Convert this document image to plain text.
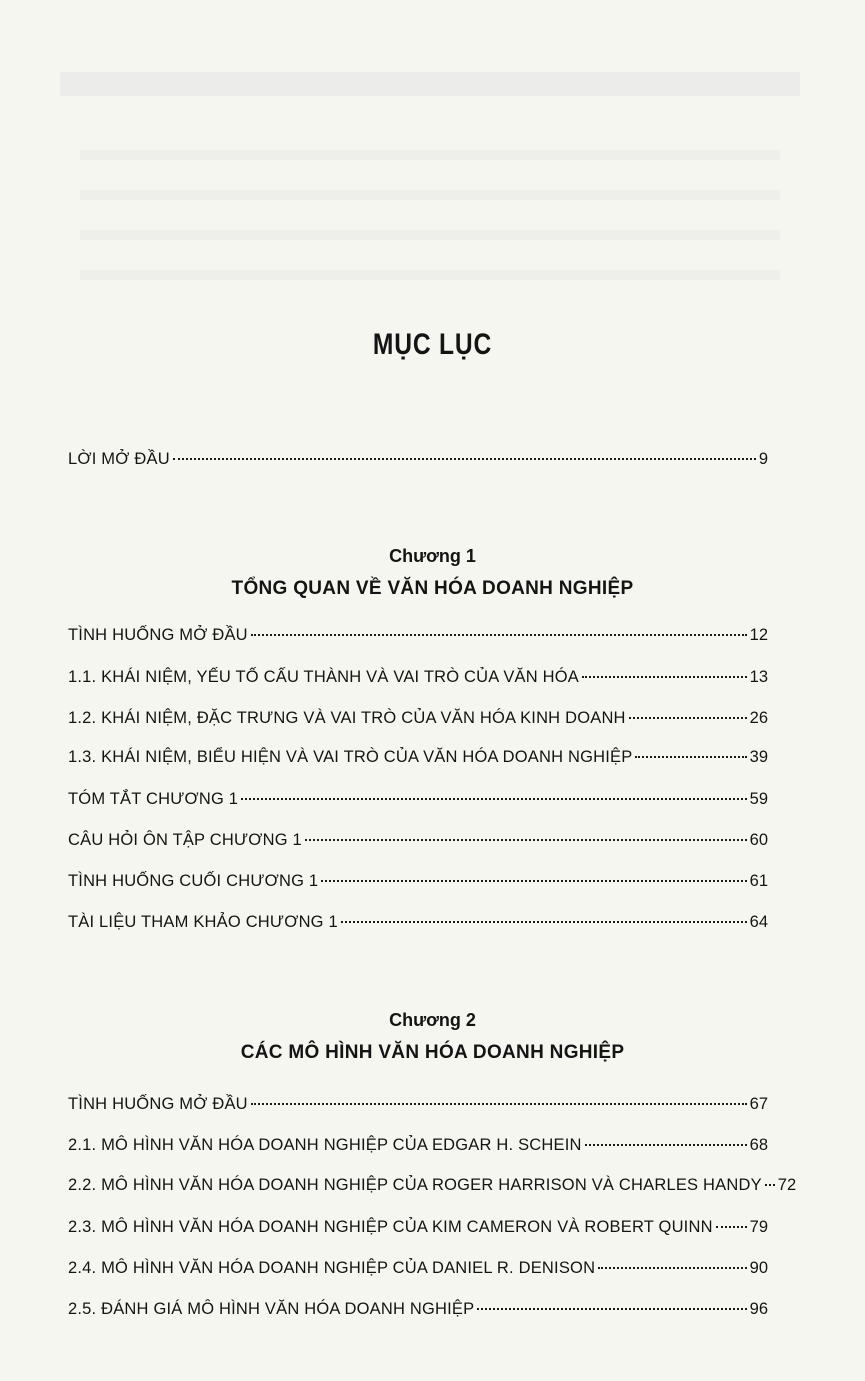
MỤC LỤC
LỜI MỞ ĐẦU	9
Chương 1
TỔNG QUAN VỀ VĂN HÓA DOANH NGHIỆP
TÌNH HUỐNG MỞ ĐẦU	12
1.1. KHÁI NIỆM, YẾU TỐ CẤU THÀNH VÀ VAI TRÒ CỦA VĂN HÓA	13
1.2. KHÁI NIỆM, ĐẶC TRƯNG VÀ VAI TRÒ CỦA VĂN HÓA KINH DOANH	26
1.3. KHÁI NIỆM, BIỂU HIỆN VÀ VAI TRÒ CỦA VĂN HÓA DOANH NGHIỆP	39
TÓM TẮT CHƯƠNG 1	59
CÂU HỎI ÔN TẬP CHƯƠNG 1	60
TÌNH HUỐNG CUỐI CHƯƠNG 1	61
TÀI LIỆU THAM KHẢO CHƯƠNG 1	64
Chương 2
CÁC MÔ HÌNH VĂN HÓA DOANH NGHIỆP
TÌNH HUỐNG MỞ ĐẦU	67
2.1. MÔ HÌNH VĂN HÓA DOANH NGHIỆP CỦA EDGAR H. SCHEIN	68
2.2. MÔ HÌNH VĂN HÓA DOANH NGHIỆP CỦA ROGER HARRISON VÀ CHARLES HANDY 72
2.3. MÔ HÌNH VĂN HÓA DOANH NGHIỆP CỦA KIM CAMERON VÀ ROBERT QUINN 79
2.4. MÔ HÌNH VĂN HÓA DOANH NGHIỆP CỦA DANIEL R. DENISON	90
2.5. ĐÁNH GIÁ MÔ HÌNH VĂN HÓA DOANH NGHIỆP	96
